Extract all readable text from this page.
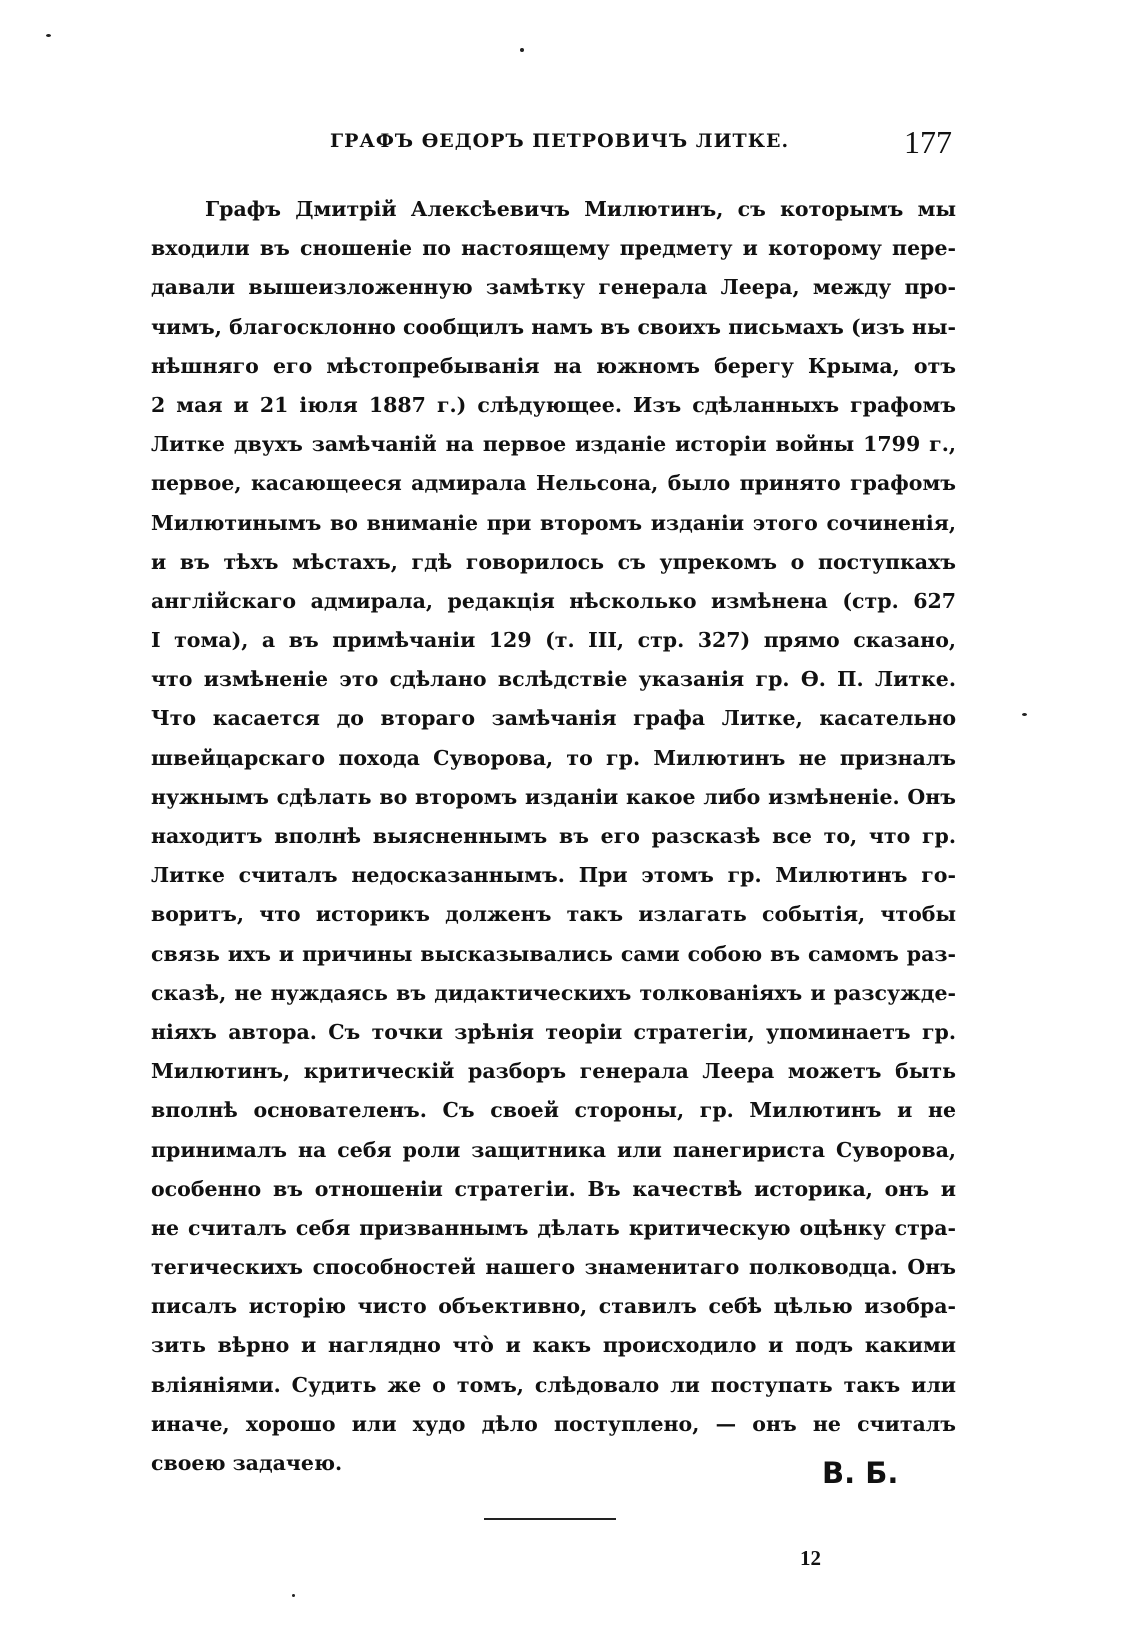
ГРАФЪ ѲЕДОРЪ ПЕТРОВИЧЪ ЛИТКЕ.	177
Графъ Дмитрій Алексѣевичъ Милютинъ, съ которымъ мы
входили въ сношеніе по настоящему предмету и которому пере-
давали вышеизложенную замѣтку генерала Леера, между про-
чимъ, благосклонно сообщилъ намъ въ своихъ письмахъ (изъ ны-
нѣшняго его мѣстопребыванія на южномъ берегу Крыма, отъ
2 мая и 21 іюля 1887 г.) слѣдующее. Изъ сдѣланныхъ графомъ
Литке двухъ замѣчаній на первое изданіе исторіи войны 1799 г.,
первое, касающееся адмирала Нельсона, было принято графомъ
Милютинымъ во вниманіе при второмъ изданіи этого сочиненія,
и въ тѣхъ мѣстахъ, гдѣ говорилось съ упрекомъ о поступкахъ
англійскаго адмирала, редакція нѣсколько измѣнена (стр. 627
I тома), а въ примѣчаніи 129 (т. III, стр. 327) прямо сказано,
что измѣненіе это сдѣлано вслѣдствіе указанія гр. Ѳ. П. Литке.
Что касается до втораго замѣчанія графа Литке, касательно
швейцарскаго похода Суворова, то гр. Милютинъ не призналъ
нужнымъ сдѣлать во второмъ изданіи какое либо измѣненіе. Онъ
находитъ вполнѣ выясненнымъ въ его разсказѣ все то, что гр.
Литке считалъ недосказаннымъ. При этомъ гр. Милютинъ го-
воритъ, что историкъ долженъ такъ излагать событія, чтобы
связь ихъ и причины высказывались сами собою въ самомъ раз-
сказѣ, не нуждаясь въ дидактическихъ толкованіяхъ и разсужде-
ніяхъ автора. Съ точки зрѣнія теоріи стратегіи, упоминаетъ гр.
Милютинъ, критическій разборъ генерала Леера можетъ быть
вполнѣ основателенъ. Съ своей стороны, гр. Милютинъ и не
принималъ на себя роли защитника или панегириста Суворова,
особенно въ отношеніи стратегіи. Въ качествѣ историка, онъ и
не считалъ себя призваннымъ дѣлать критическую оцѣнку стра-
тегическихъ способностей нашего знаменитаго полководца. Онъ
писалъ исторію чисто объективно, ставилъ себѣ цѣлью изобра-
зить вѣрно и наглядно чтò и какъ происходило и подъ какими
вліяніями. Судить же о томъ, слѣдовало ли поступать такъ или
иначе, хорошо или худо дѣло поступлено, — онъ не считалъ
своею задачею.	В. Б.
12
